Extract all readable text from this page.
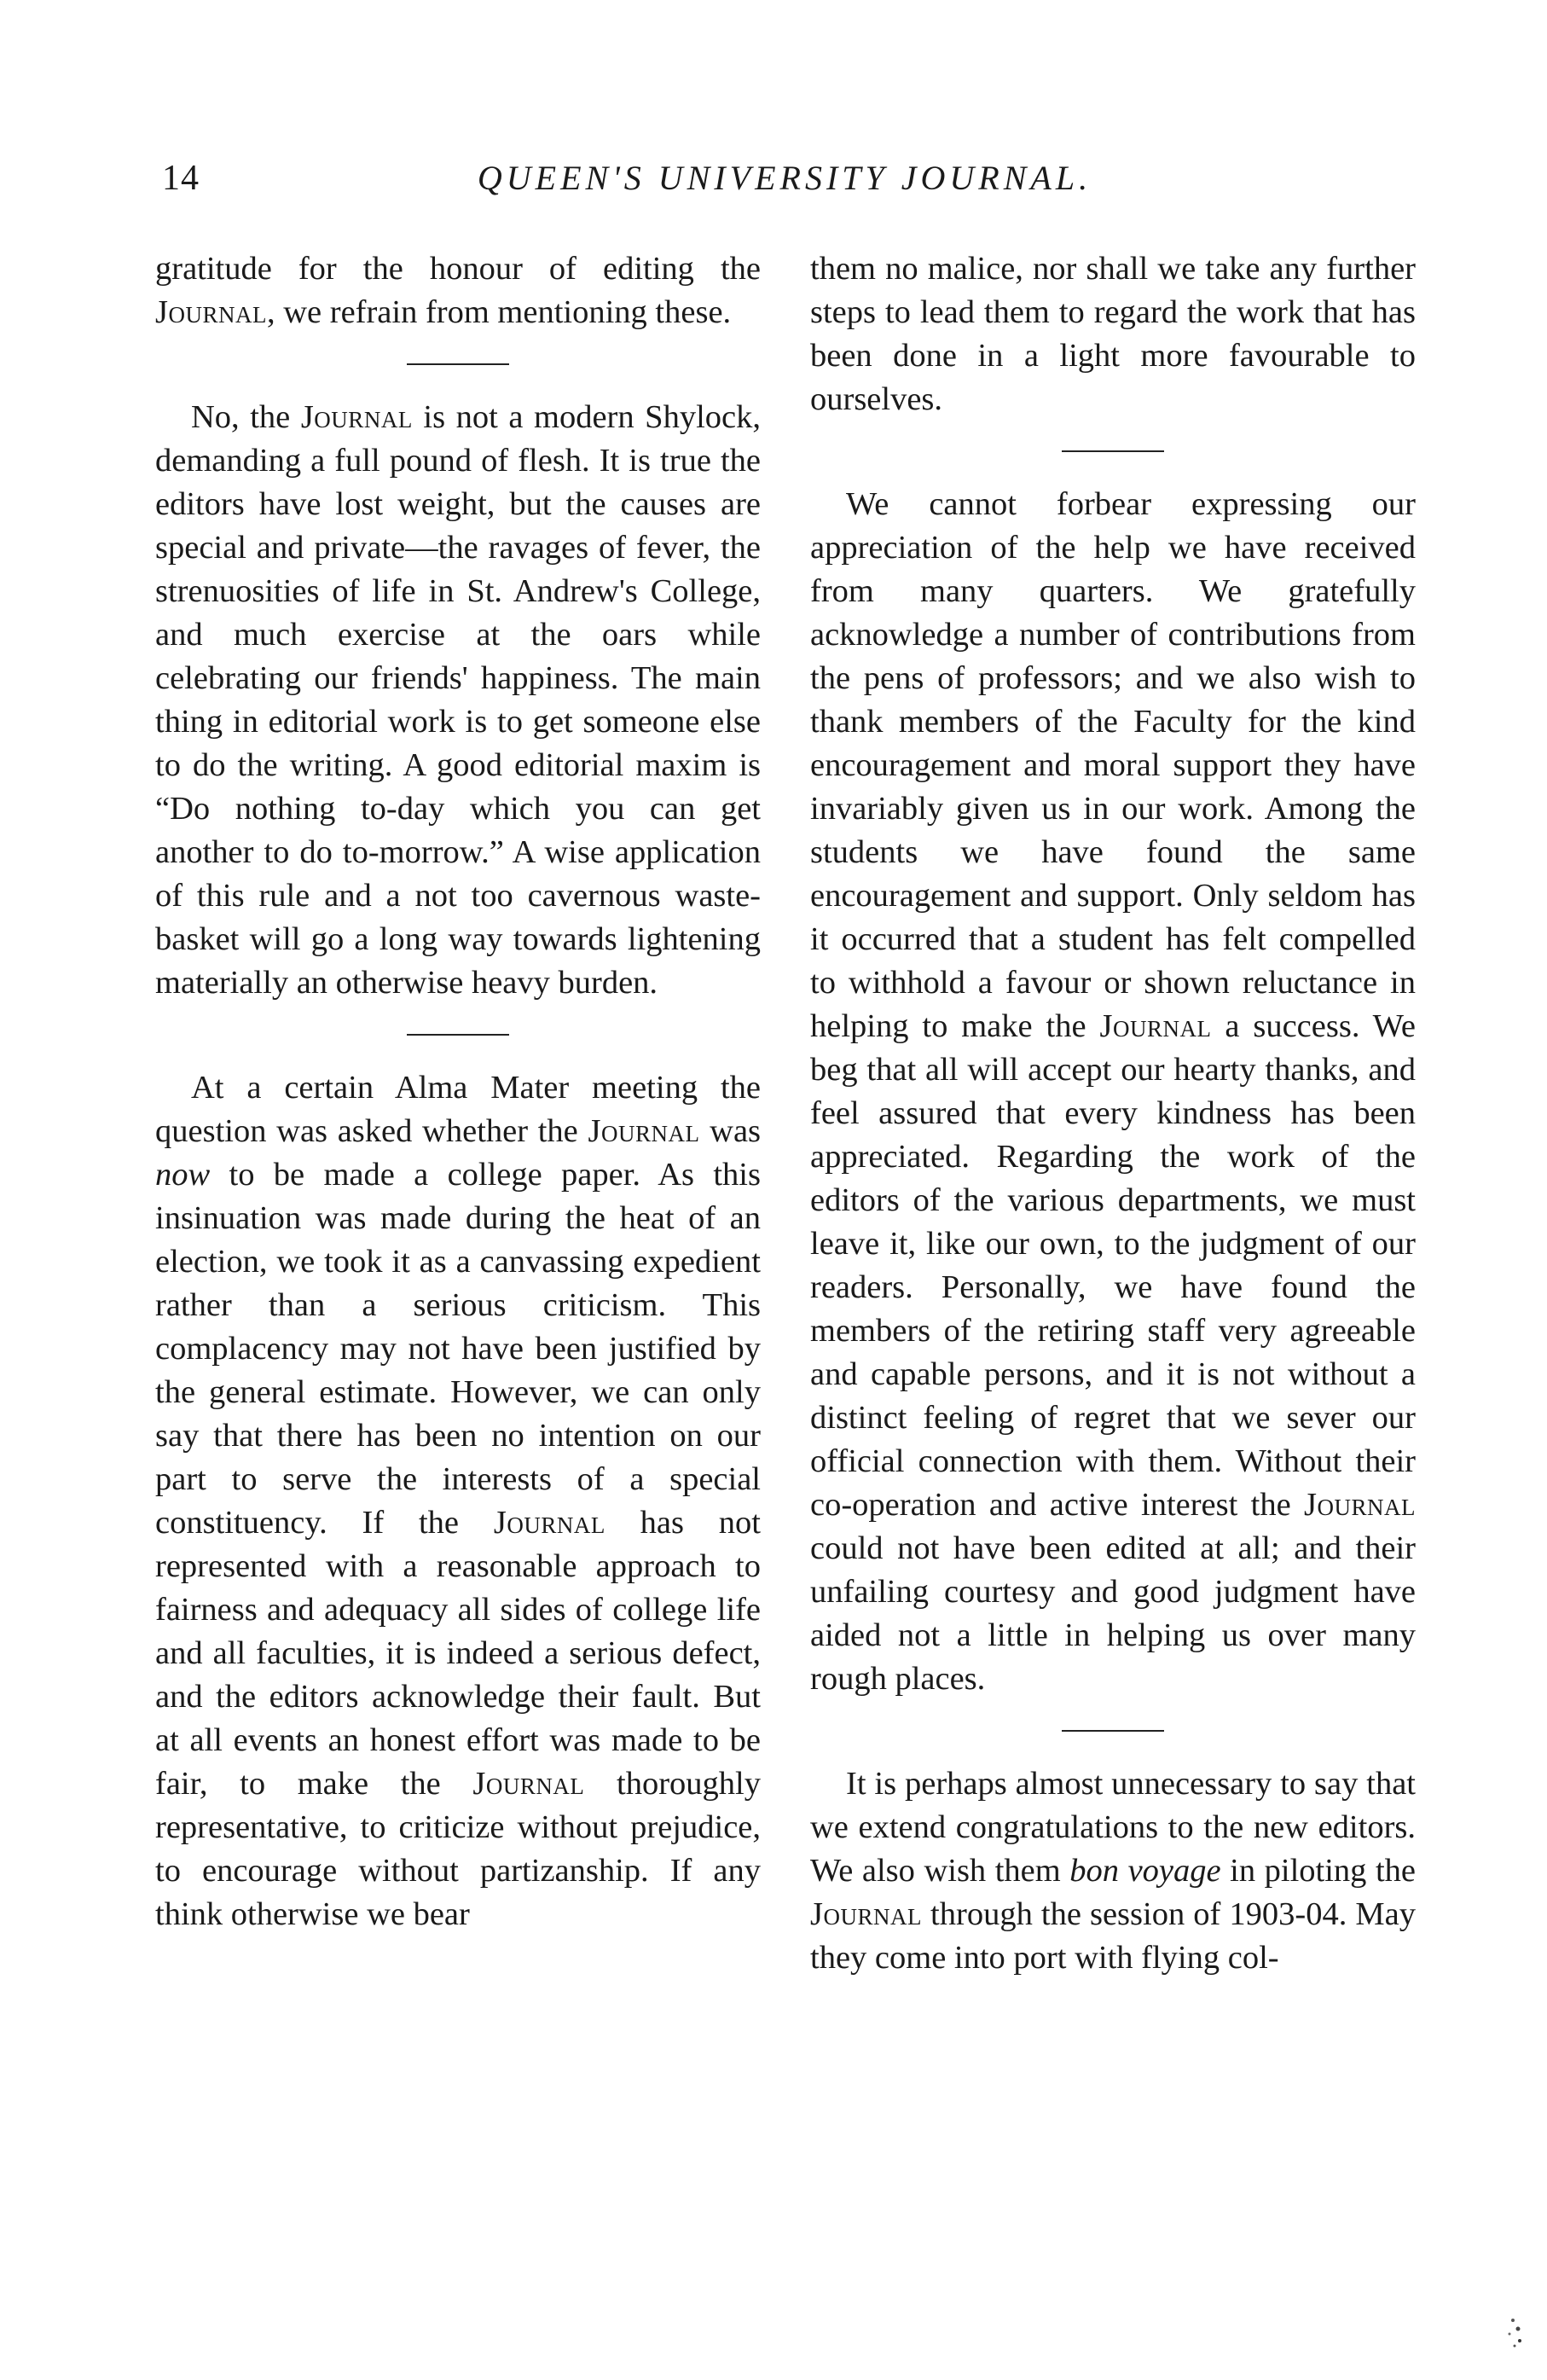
14	QUEEN'S UNIVERSITY JOURNAL.

gratitude for the honour of editing the Journal, we refrain from mentioning these.

No, the Journal is not a modern Shylock, demanding a full pound of flesh. It is true the editors have lost weight, but the causes are special and private—the ravages of fever, the strenuosities of life in St. Andrew's College, and much exercise at the oars while celebrating our friends' happiness. The main thing in editorial work is to get someone else to do the writing. A good editorial maxim is “Do nothing to-day which you can get another to do to-morrow.” A wise application of this rule and a not too cavernous waste-basket will go a long way towards lightening materially an otherwise heavy burden.

At a certain Alma Mater meeting the question was asked whether the Journal was now to be made a college paper. As this insinuation was made during the heat of an election, we took it as a canvassing expedient rather than a serious criticism. This complacency may not have been justified by the general estimate. However, we can only say that there has been no intention on our part to serve the interests of a special constituency. If the Journal has not represented with a reasonable approach to fairness and adequacy all sides of college life and all faculties, it is indeed a serious defect, and the editors acknowledge their fault. But at all events an honest effort was made to be fair, to make the Journal thoroughly representative, to criticize without prejudice, to encourage without partizanship. If any think otherwise we bear

them no malice, nor shall we take any further steps to lead them to regard the work that has been done in a light more favourable to ourselves.

We cannot forbear expressing our appreciation of the help we have received from many quarters. We gratefully acknowledge a number of contributions from the pens of professors; and we also wish to thank members of the Faculty for the kind encouragement and moral support they have invariably given us in our work. Among the students we have found the same encouragement and support. Only seldom has it occurred that a student has felt compelled to withhold a favour or shown reluctance in helping to make the Journal a success. We beg that all will accept our hearty thanks, and feel assured that every kindness has been appreciated. Regarding the work of the editors of the various departments, we must leave it, like our own, to the judgment of our readers. Personally, we have found the members of the retiring staff very agreeable and capable persons, and it is not without a distinct feeling of regret that we sever our official connection with them. Without their co-operation and active interest the Journal could not have been edited at all; and their unfailing courtesy and good judgment have aided not a little in helping us over many rough places.

It is perhaps almost unnecessary to say that we extend congratulations to the new editors. We also wish them bon voyage in piloting the Journal through the session of 1903-04. May they come into port with flying col-
